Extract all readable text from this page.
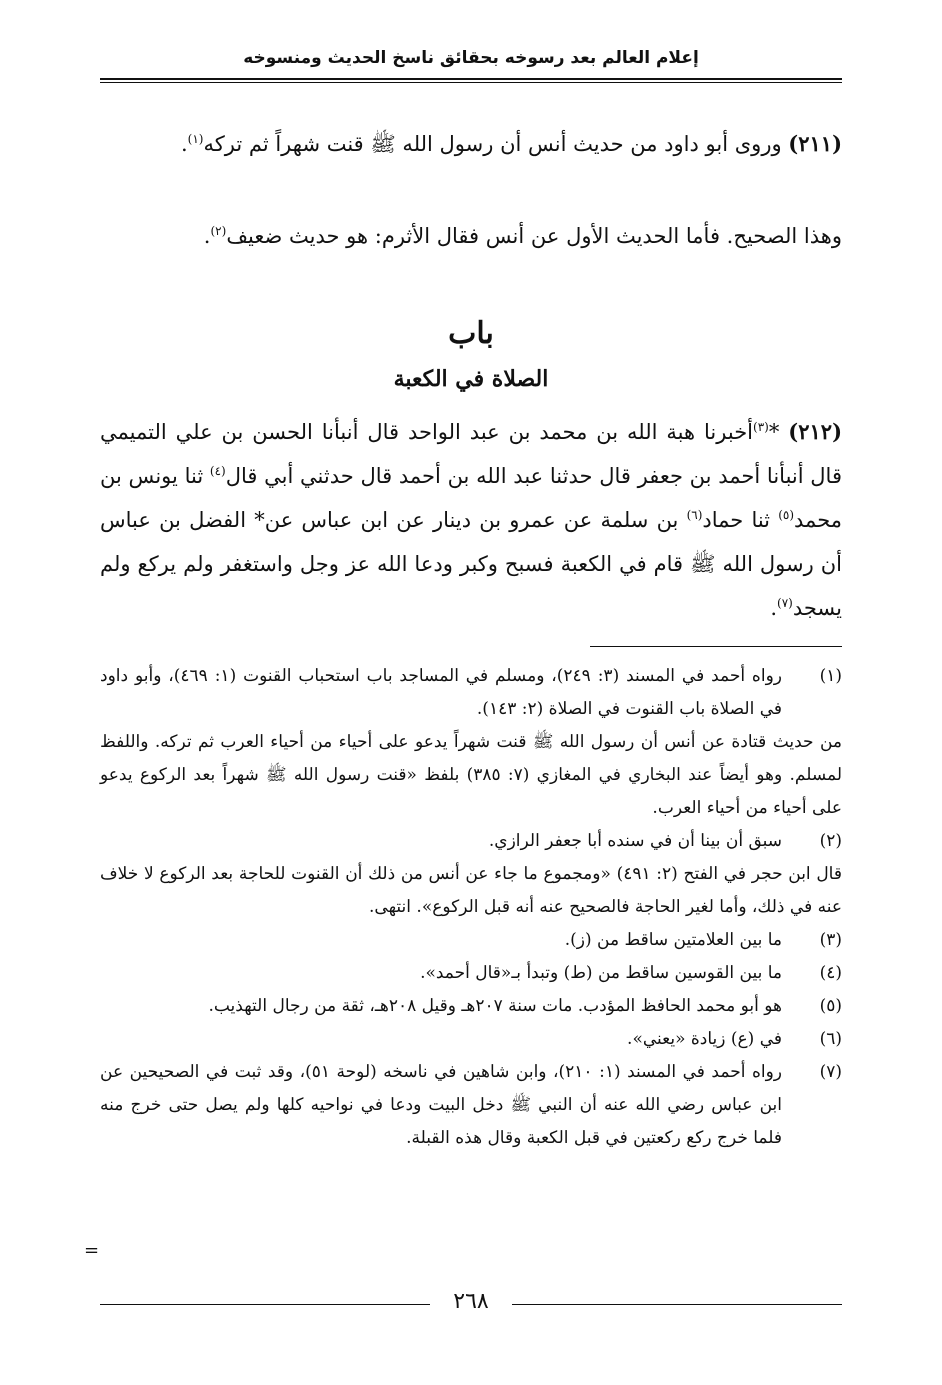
إعلام العالم بعد رسوخه بحقائق ناسخ الحديث ومنسوخه
(٢١١) وروى أبو داود من حديث أنس أن رسول الله ﷺ قنت شهراً ثم تركه$^{(١)}$.
وهذا الصحيح. فأما الحديث الأول عن أنس فقال الأثرم: هو حديث ضعيف$^{(٢)}$.
باب
الصلاة في الكعبة
(٢١٢) *$^{(٣)}$أخبرنا هبة الله بن محمد بن عبد الواحد قال أنبأنا الحسن بن علي التميمي قال أنبأنا أحمد بن جعفر قال حدثنا عبد الله بن أحمد قال حدثني أبي قال$^{(٤)}$ ثنا يونس بن محمد$^{(٥)}$ ثنا حماد$^{(٦)}$ بن سلمة عن عمرو بن دينار عن ابن عباس عن* الفضل بن عباس أن رسول الله ﷺ قام في الكعبة فسبح وكبر ودعا الله عز وجل واستغفر ولم يركع ولم يسجد$^{(٧)}$.
(١)
رواه أحمد في المسند (٣: ٢٤٩)، ومسلم في المساجد باب استحباب القنوت (١: ٤٦٩)، وأبو داود في الصلاة باب القنوت في الصلاة (٢: ١٤٣).
من حديث قتادة عن أنس أن رسول الله ﷺ قنت شهراً يدعو على أحياء من أحياء العرب ثم تركه. واللفظ لمسلم. وهو أيضاً عند البخاري في المغازي (٧: ٣٨٥) بلفظ «قنت رسول الله ﷺ شهراً بعد الركوع يدعو على أحياء من أحياء العرب.
(٢)
سبق أن بينا أن في سنده أبا جعفر الرازي.
قال ابن حجر في الفتح (٢: ٤٩١) «ومجموع ما جاء عن أنس من ذلك أن القنوت للحاجة بعد الركوع لا خلاف عنه في ذلك، وأما لغير الحاجة فالصحيح عنه أنه قبل الركوع». انتهى.
(٣)
ما بين العلامتين ساقط من (ز).
(٤)
ما بين القوسين ساقط من (ط) وتبدأ بـ«قال أحمد».
(٥)
هو أبو محمد الحافظ المؤدب. مات سنة ٢٠٧هـ وقيل ٢٠٨هـ، ثقة من رجال التهذيب.
(٦)
في (ع) زيادة «يعني».
(٧)
رواه أحمد في المسند (١: ٢١٠)، وابن شاهين في ناسخه (لوحة ٥١)، وقد ثبت في الصحيحين عن ابن عباس رضي الله عنه أن النبي ﷺ دخل البيت ودعا في نواحيه كلها ولم يصل حتى خرج منه فلما خرج ركع ركعتين في قبل الكعبة وقال هذه القبلة.
=
٢٦٨
